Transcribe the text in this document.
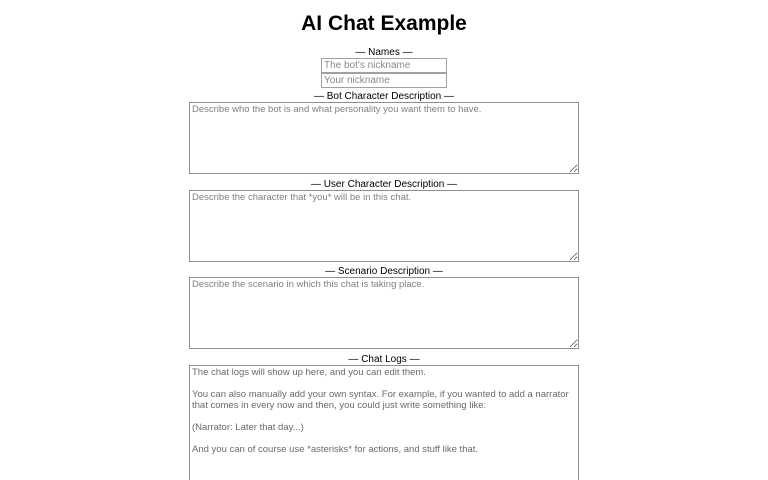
AI Chat Example
— Names —
The bot's nickname
Your nickname
— Bot Character Description —
Describe who the bot is and what personality you want them to have.
— User Character Description —
Describe the character that *you* will be in this chat.
— Scenario Description —
Describe the scenario in which this chat is taking place.
— Chat Logs —
The chat logs will show up here, and you can edit them. You can also manually add your own syntax. For example, if you wanted to add a narrator that comes in every now and then, you could just write something like: (Narrator: Later that day...) And you can of course use *asterisks* for actions, and stuff like that.
